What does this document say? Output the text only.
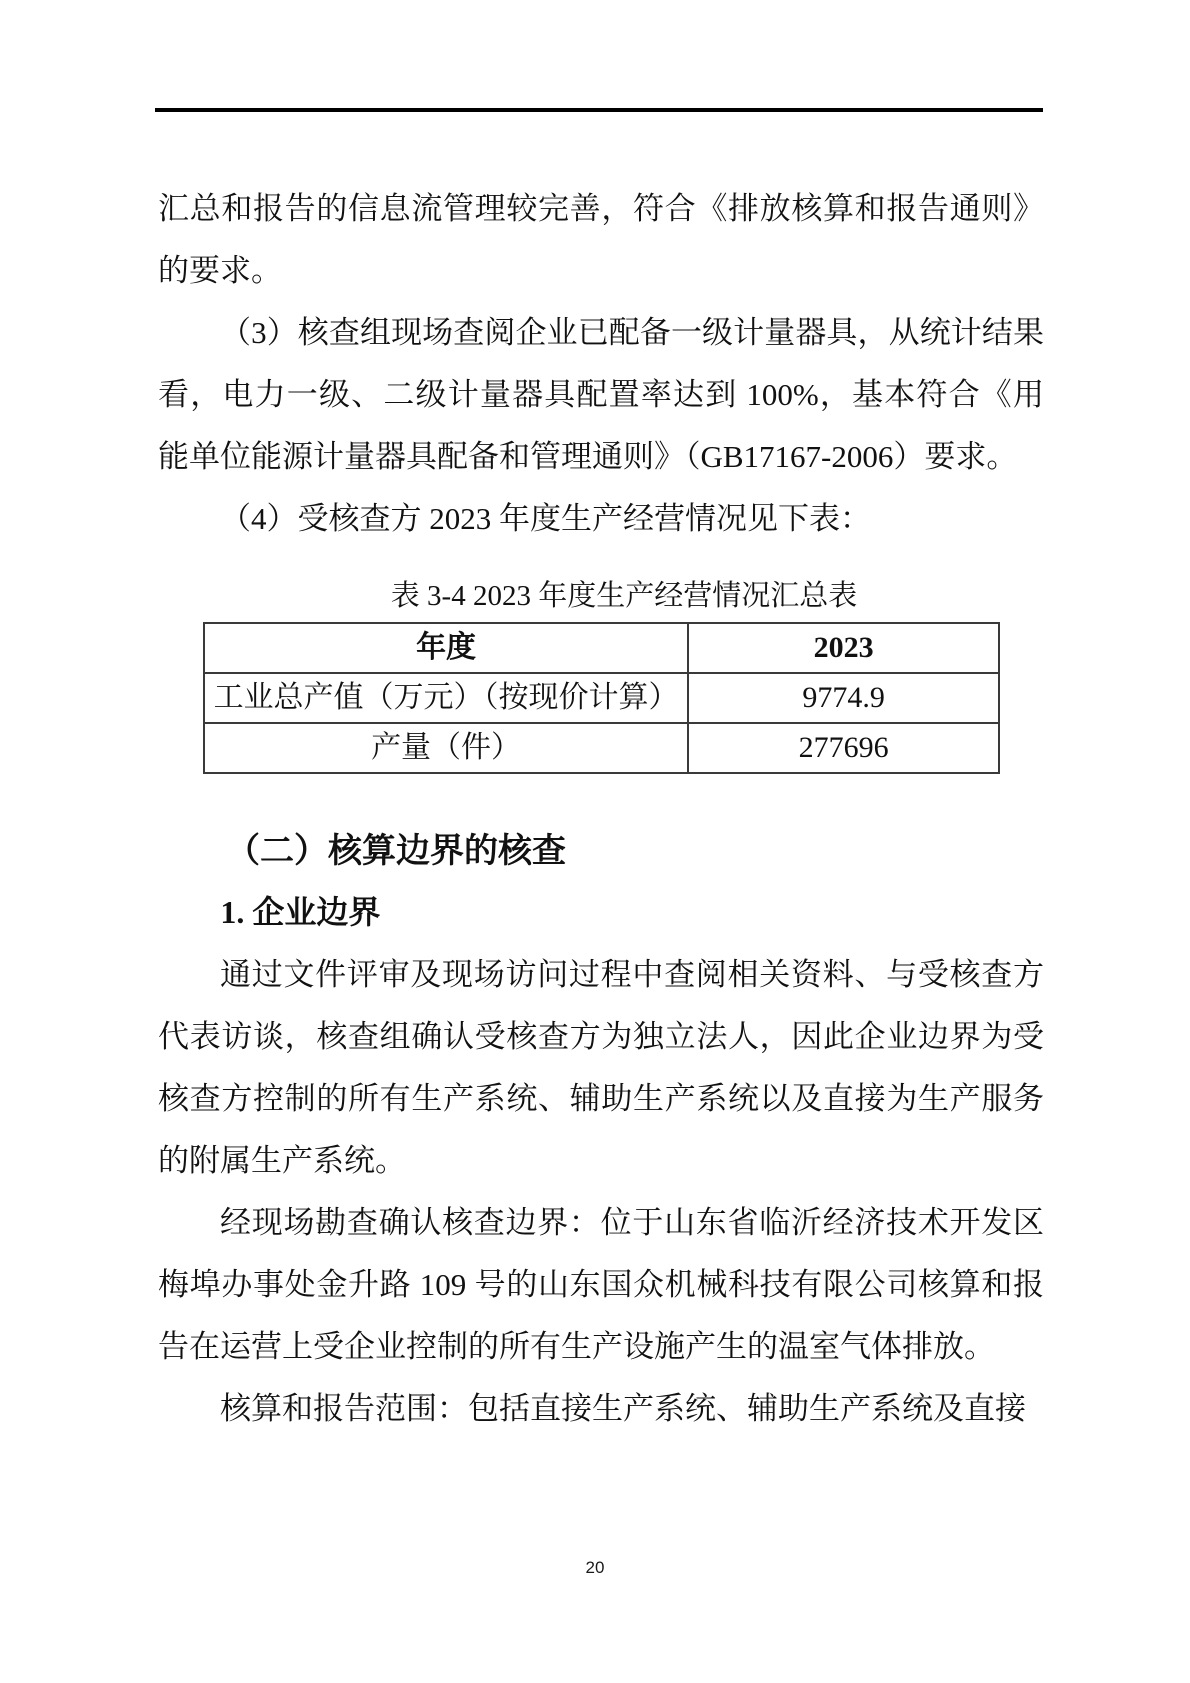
汇总和报告的信息流管理较完善，符合《排放核算和报告通则》的要求。

（3）核查组现场查阅企业已配备一级计量器具，从统计结果看，电力一级、二级计量器具配置率达到 100%，基本符合《用能单位能源计量器具配备和管理通则》（GB17167-2006）要求。

（4）受核查方 2023 年度生产经营情况见下表：

表 3-4 2023 年度生产经营情况汇总表
年度	2023
工业总产值（万元）（按现价计算）	9774.9
产量（件）	277696
（二）核算边界的核查
1. 企业边界

通过文件评审及现场访问过程中查阅相关资料、与受核查方代表访谈，核查组确认受核查方为独立法人，因此企业边界为受核查方控制的所有生产系统、辅助生产系统以及直接为生产服务的附属生产系统。

经现场勘查确认核查边界：位于山东省临沂经济技术开发区梅埠办事处金升路 109 号的山东国众机械科技有限公司核算和报告在运营上受企业控制的所有生产设施产生的温室气体排放。

核算和报告范围：包括直接生产系统、辅助生产系统及直接

20
